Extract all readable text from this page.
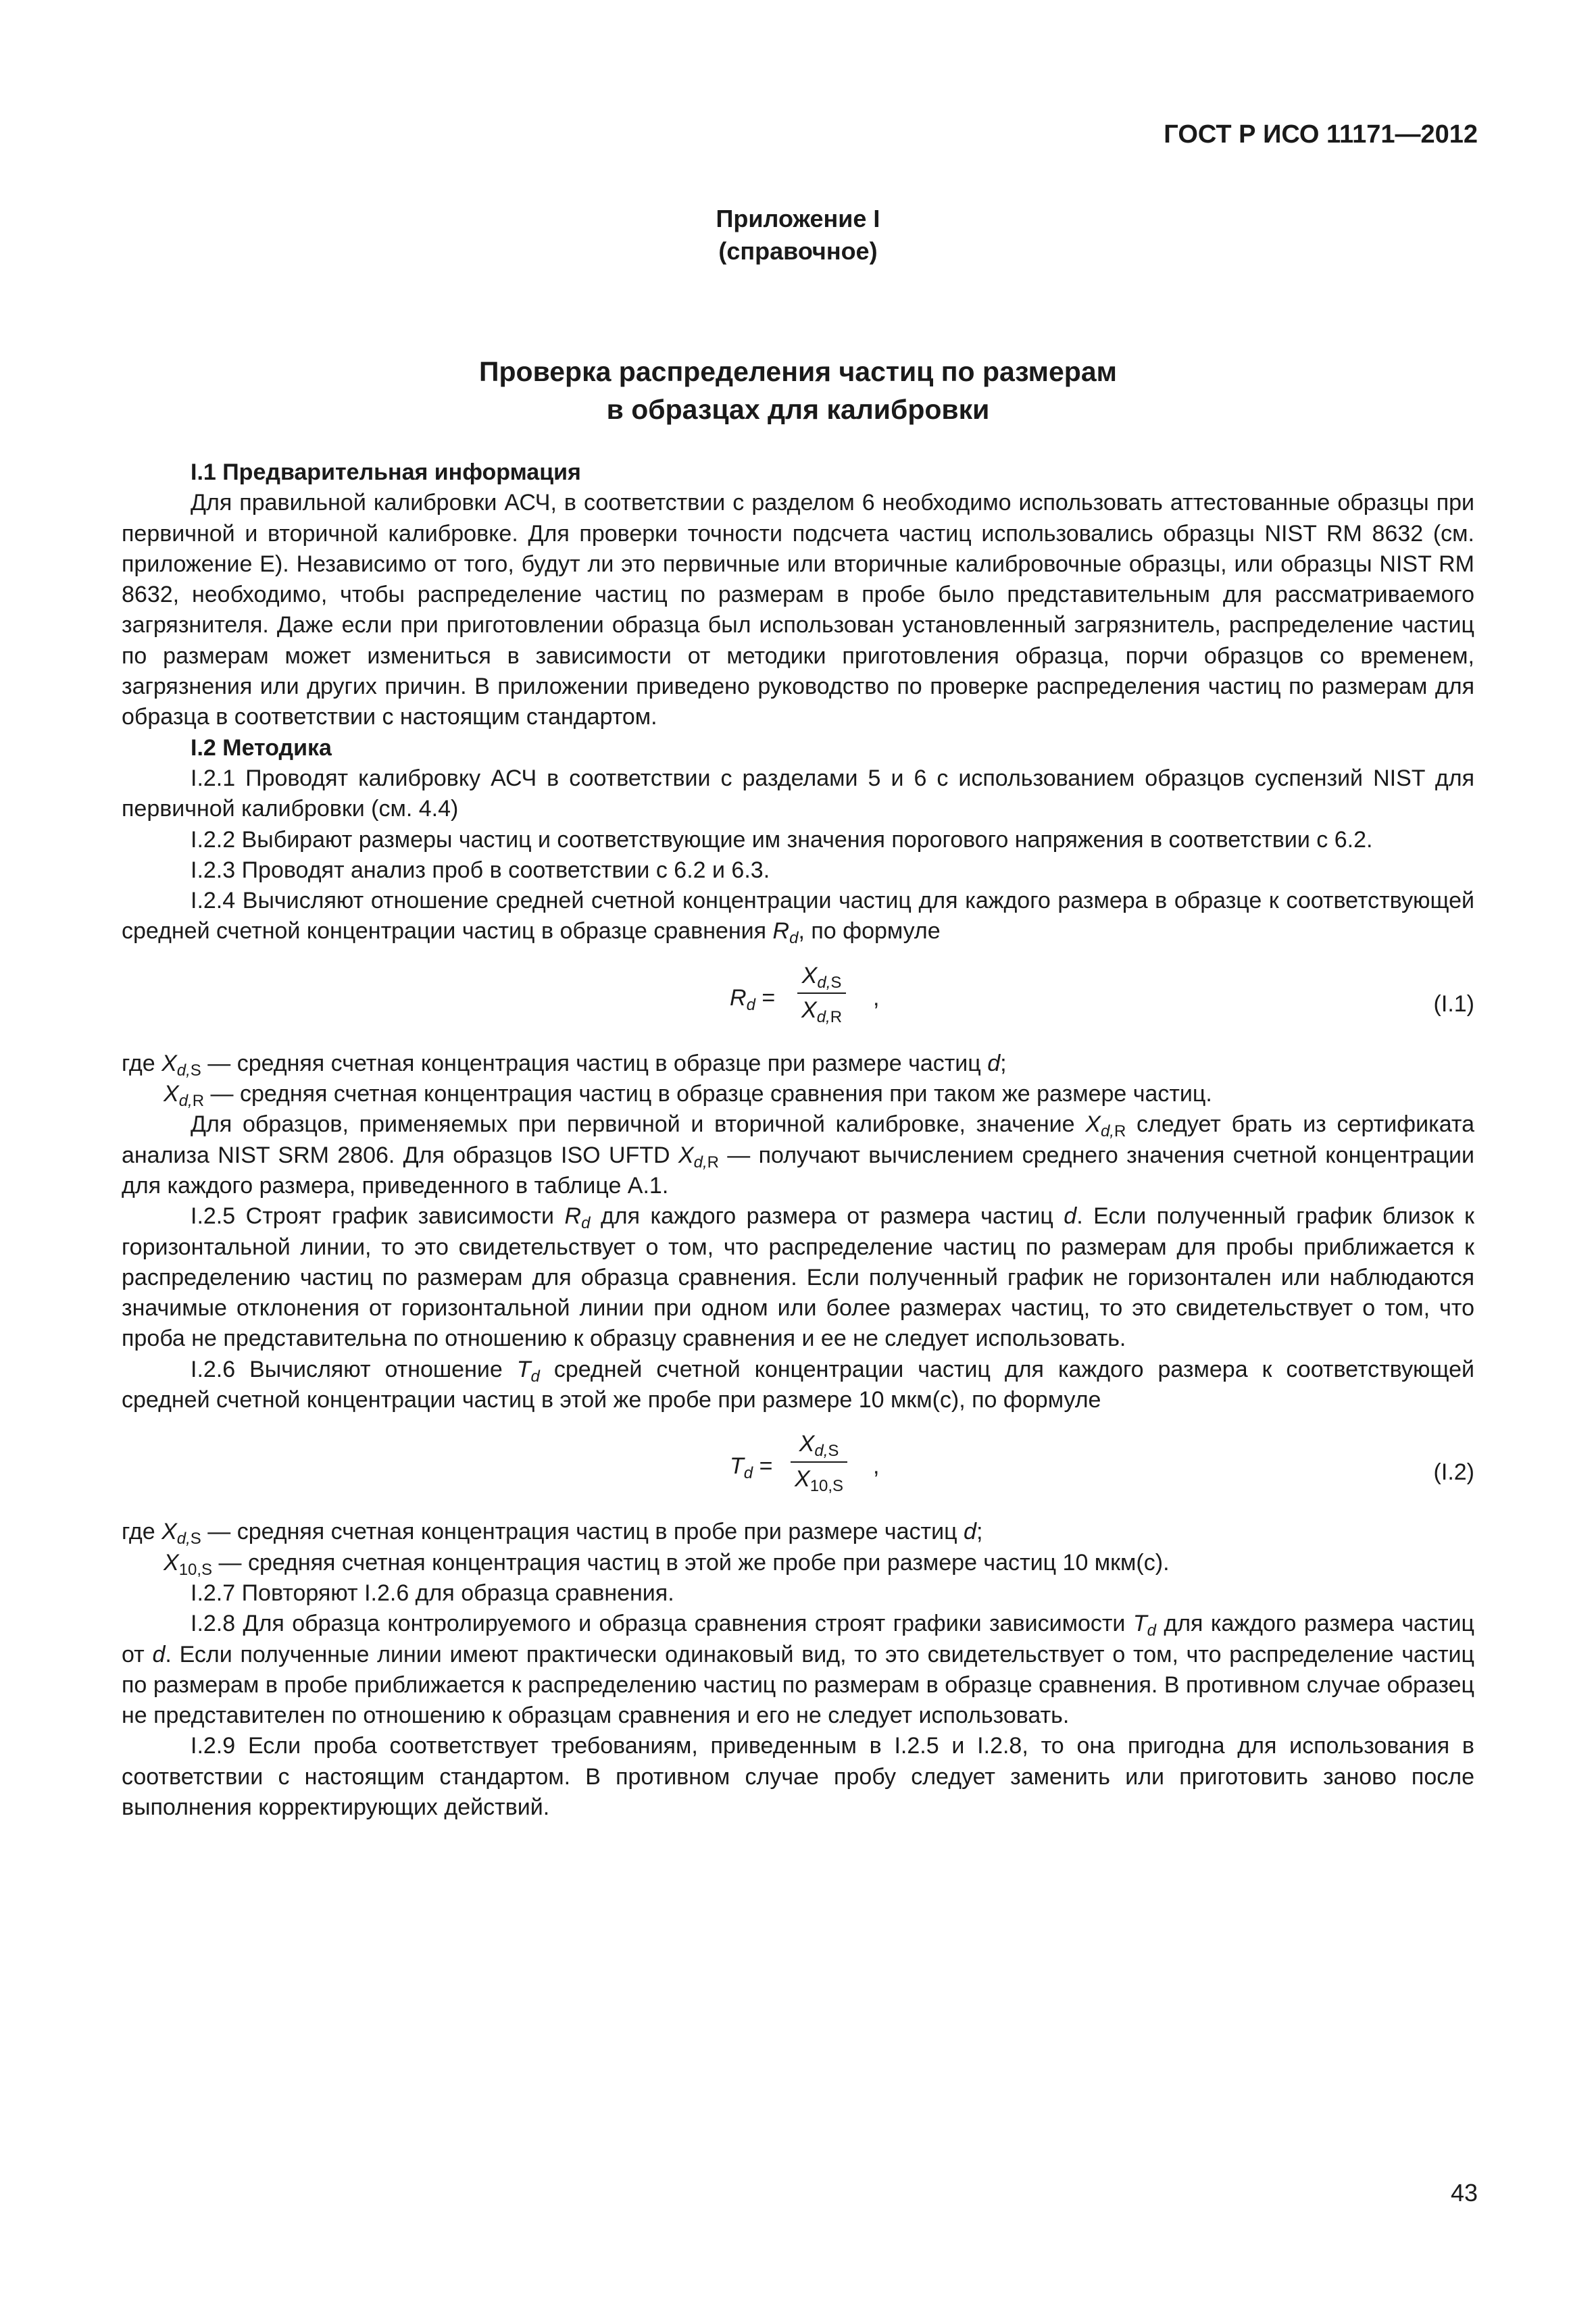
ГОСТ Р ИСО 11171—2012
Приложение I
(справочное)
Проверка распределения частиц по размерам
в образцах для калибровки

I.1 Предварительная информация

Для правильной калибровки АСЧ, в соответствии с разделом 6 необходимо использовать аттестованные образцы при первичной и вторичной калибровке. Для проверки точности подсчета частиц использовались образцы NIST RM 8632 (см. приложение Е). Независимо от того, будут ли это первичные или вторичные калибровочные образцы, или образцы NIST RM 8632, необходимо, чтобы распределение частиц по размерам в пробе было представительным для рассматриваемого загрязнителя. Даже если при приготовлении образца был использован установленный загрязнитель, распределение частиц по размерам может измениться в зависимости от методики приготовления образца, порчи образцов со временем, загрязнения или других причин. В приложении приведено руководство по проверке распределения частиц по размерам для образца в соответствии с настоящим стандартом.

I.2 Методика

I.2.1 Проводят калибровку АСЧ в соответствии с разделами 5 и 6 с использованием образцов суспензий NIST для первичной калибровки (см. 4.4)

I.2.2 Выбирают размеры частиц и соответствующие им значения порогового напряжения в соответствии с 6.2.

I.2.3 Проводят анализ проб в соответствии с 6.2 и 6.3.

I.2.4 Вычисляют отношение средней счетной концентрации частиц для каждого размера в образце к соответствующей средней счетной концентрации частиц в образце сравнения $R_d$, по формуле

$R_d$ =
$X_{d,S}$
$X_{d,R}$
,	(I.1)

где $X_{d,S}$ — средняя счетная концентрация частиц в образце при размере частиц d;

$X_{d,R}$ — средняя счетная концентрация частиц в образце сравнения при таком же размере частиц.

Для образцов, применяемых при первичной и вторичной калибровке, значение $X_{d,R}$ следует брать из сертификата анализа NIST SRM 2806. Для образцов ISO UFTD $X_{d,R}$ — получают вычислением среднего значения счетной концентрации для каждого размера, приведенного в таблице А.1.

I.2.5 Строят график зависимости $R_d$ для каждого размера от размера частиц d. Если полученный график близок к горизонтальной линии, то это свидетельствует о том, что распределение частиц по размерам для пробы приближается к распределению частиц по размерам для образца сравнения. Если полученный график не горизонтален или наблюдаются значимые отклонения от горизонтальной линии при одном или более размерах частиц, то это свидетельствует о том, что проба не представительна по отношению к образцу сравнения и ее не следует использовать.

I.2.6 Вычисляют отношение $T_d$ средней счетной концентрации частиц для каждого размера к соответствующей средней счетной концентрации частиц в этой же пробе при размере 10 мкм(с), по формуле

$T_d$ =
$X_{d,S}$
$X_{10,S}$
,	(I.2)

где $X_{d,S}$ — средняя счетная концентрация частиц в пробе при размере частиц d;

$X_{10,S}$ — средняя счетная концентрация частиц в этой же пробе при размере частиц 10 мкм(с).

I.2.7 Повторяют I.2.6 для образца сравнения.

I.2.8 Для образца контролируемого и образца сравнения строят графики зависимости $T_d$ для каждого размера частиц от d. Если полученные линии имеют практически одинаковый вид, то это свидетельствует о том, что распределение частиц по размерам в пробе приближается к распределению частиц по размерам в образце сравнения. В противном случае образец не представителен по отношению к образцам сравнения и его не следует использовать.

I.2.9 Если проба соответствует требованиям, приведенным в I.2.5 и I.2.8, то она пригодна для использования в соответствии с настоящим стандартом. В противном случае пробу следует заменить или приготовить заново после выполнения корректирующих действий.

43
